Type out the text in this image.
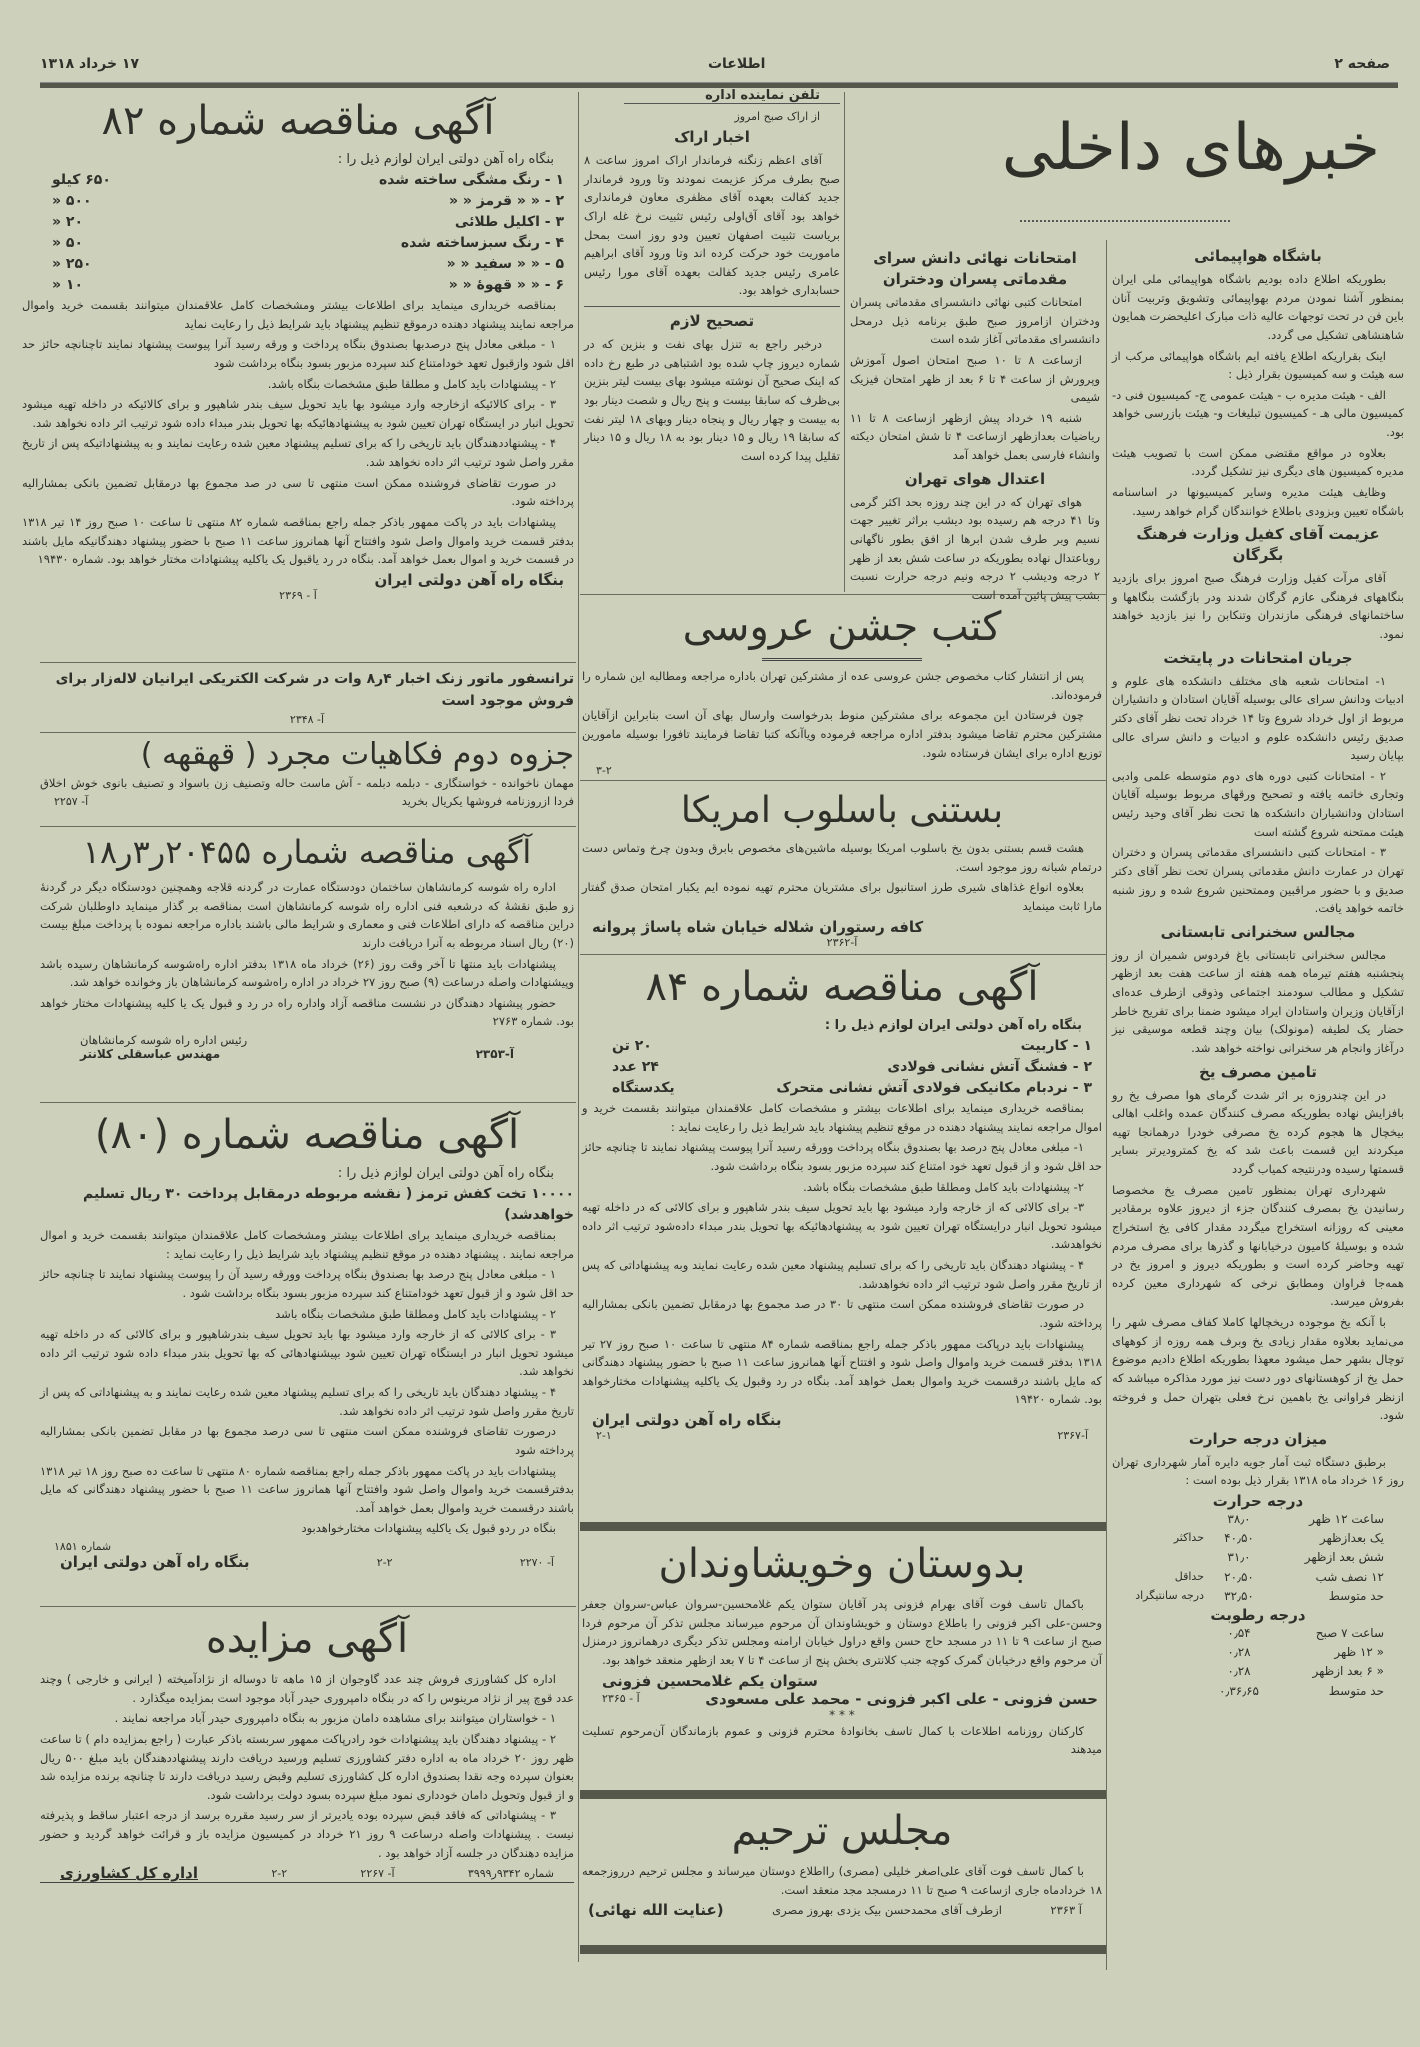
صفحه ۲
اطلاعات
۱۷ خرداد ۱۳۱۸
خبرهای داخلی
باشگاه هواپیمائی

بطوریکه اطلاع داده بودیم باشگاه هواپیمائی ملی ایران بمنظور آشنا نمودن مردم بهواپیمائی وتشویق وتربیت آنان باین فن در تحت توجهات عالیه ذات مبارک اعلیحضرت همایون شاهنشاهی تشکیل می گردد.

اینک بقراریکه اطلاع یافته ایم باشگاه هواپیمائی مرکب از سه هیئت و سه کمیسیون بقرار ذیل :

الف - هیئت مدیره ب - هیئت عمومی ج- کمیسیون فنی د- کمیسیون مالی هـ - کمیسیون تبلیغات و- هیئت بازرسی خواهد بود.

بعلاوه در مواقع مقتضی ممکن است با تصویب هیئت مدیره کمیسیون های دیگری نیز تشکیل گردد.

وظایف هیئت مدیره وسایر کمیسیونها در اساسنامه باشگاه تعیین وبزودی باطلاع خوانندگان گرام خواهد رسید.

عزیمت آقای کفیل وزارت فرهنگ بگرگان

آقای مرآت کفیل وزارت فرهنگ صبح امروز برای بازدید بنگاههای فرهنگی عازم گرگان شدند ودر بازگشت بنگاهها و ساختمانهای فرهنگی مازندران وتنکابن را نیز بازدید خواهند نمود.

جریان امتحانات در پایتخت

۱- امتحانات شعبه های مختلف دانشکده های علوم و ادبیات ودانش سرای عالی بوسیله آقایان استادان و دانشیاران مربوط از اول خرداد شروع وتا ۱۴ خرداد تحت نظر آقای دکتر صدیق رئیس دانشکده علوم و ادبیات و دانش سرای عالی بپایان رسید

۲ - امتحانات کتبی دوره های دوم متوسطه علمی وادبی وتجاری خاتمه یافته و تصحیح ورقهای مربوط بوسیله آقایان استادان ودانشیاران دانشکده ها تحت نظر آقای وحید رئیس هیئت ممتحنه شروع گشته است

۳ - امتحانات کتبی دانشسرای مقدماتی پسران و دختران تهران در عمارت دانش مقدماتی پسران تحت نظر آقای دکتر صدیق و با حضور مراقبین وممتحنین شروع شده و روز شنبه خاتمه خواهد یافت.

مجالس سخنرانی تابستانی

مجالس سخنرانی تابستانی باغ فردوس شمیران از روز پنجشنبه هفتم تیرماه همه هفته از ساعت هفت بعد ازظهر تشکیل و مطالب سودمند اجتماعی وذوقی ازطرف عده‌ای ازآقایان وزیران واستادان ایراد میشود ضمنا برای تفریح خاطر حضار یک لطیفه (مونولک) بیان وچند قطعه موسیقی نیز درآغاز وانجام هر سخنرانی نواخته خواهد شد.

تامین مصرف یخ

در این چندروزه بر اثر شدت گرمای هوا مصرف یخ رو بافزایش نهاده بطوریکه مصرف کنندگان عمده واغلب اهالی بیخچال ها هجوم کرده یخ مصرفی خودرا درهمانجا تهیه میکردند این قسمت باعث شد که یخ کمترودیرتر بسایر قسمتها رسیده ودرنتیجه کمیاب گردد

شهرداری تهران بمنظور تامین مصرف یخ مخصوصا رسانیدن یخ بمصرف کنندگان جزء از دیروز علاوه برمقادیر معینی که روزانه استخراج میگردد مقدار کافی یخ استخراج شده و بوسیلهٔ کامیون درخیابانها و گذرها برای مصرف مردم تهیه وحاضر کرده است و بطوریکه دیروز و امروز یخ در همه‌جا فراوان ومطابق نرخی که شهرداری معین کرده بفروش میرسد.

با آنکه یخ موجوده دریخچالها کاملا کفاف مصرف شهر را می‌نماید بعلاوه مقدار زیادی یخ وبرف همه روزه از کوههای توچال بشهر حمل میشود معهذا بطوریکه اطلاع دادیم موضوع حمل یخ از کوهستانهای دور دست نیز مورد مذاکره میباشد که ازنظر فراوانی یخ باهمین نرخ فعلی بتهران حمل و فروخته شود.

میزان درجه حرارت

برطبق دستگاه ثبت آمار جویه دایره آمار شهرداری تهران روز ۱۶ خرداد ماه ۱۳۱۸ بقرار ذیل بوده است :

درجه حرارت
ساعت ۱۲ ظهر
۳۸٫۰
یک بعدازظهر
۴۰٫۵۰
حداکثر
شش بعد ازظهر
۳۱٫۰
۱۲ نصف شب
۲۰٫۵۰
حداقل
حد متوسط
۳۲٫۵۰
درجه سانتیگراد
درجه رطوبت
ساعت ۷ صبح
۰٫۵۴
« ۱۲ ظهر
۰٫۲۸
« ۶ بعد ازظهر
۰٫۲۸
حد متوسط
۰٫۳۶٫۶۵
امتحانات نهائی دانش سرای مقدماتی پسران ودختران

امتحانات کتبی نهائی دانشسرای مقدماتی پسران ودختران ازامروز صبح طبق برنامه ذیل درمحل دانشسرای مقدماتی آغاز شده است

ازساعت ۸ تا ۱۰ صبح امتحان اصول آموزش وپرورش از ساعت ۴ تا ۶ بعد از ظهر امتحان فیزیک شیمی

شنبه ۱۹ خرداد پیش ازظهر ازساعت ۸ تا ۱۱ ریاضیات بعدازظهر ازساعت ۴ تا شش امتحان دیکته وانشاء فارسی بعمل خواهد آمد

اعتدال هوای تهران

هوای تهران که در این چند روزه بحد اکثر گرمی وتا ۴۱ درجه هم رسیده بود دیشب براثر تغییر جهت نسیم وبر طرف شدن ابرها از افق بطور ناگهانی روباعتدال نهاده بطوریکه در ساعت شش بعد از ظهر ۲ درجه ودیشب ۲ درجه ونیم درجه حرارت نسبت بشب پیش پائین آمده است

تلفن نماینده اداره
از اراک صبح امروز
اخبار اراک

آقای اعظم زنگنه فرماندار اراک امروز ساعت ۸ صبح بطرف مرکز عزیمت نمودند وتا ورود فرماندار جدید کفالت بعهده آقای مظفری معاون فرمانداری خواهد بود آقای آق‌اولی رئیس تثبیت نرخ غله اراک بریاست تثبیت اصفهان تعیین ودو روز است بمحل ماموریت خود حرکت کرده اند وتا ورود آقای ابراهیم عامری رئیس جدید کفالت بعهده آقای مورا رئیس حسابداری خواهد بود.

تصحیح لازم

درخبر راجع به تنزل بهای نفت و بنزین که در شماره دیروز چاپ شده بود اشتباهی در طبع رخ داده که اینک صحیح آن نوشته میشود بهای بیست لیتر بنزین بی‌ظرف که سابقا بیست و پنج ریال و شصت دینار بود به بیست و چهار ریال و پنجاه دینار وبهای ۱۸ لیتر نفت که سابقا ۱۹ ریال و ۱۵ دینار بود به ۱۸ ریال و ۱۵ دینار تقلیل پیدا کرده است

کتب جشن عروسی

پس از انتشار کتاب مخصوص جشن عروسی عده از مشترکین تهران باداره مراجعه ومطالبه این شماره را فرموده‌اند.

چون فرستادن این مجموعه برای مشترکین منوط بدرخواست وارسال بهای آن است بنابراین ازآقایان مشترکین محترم تقاضا میشود بدفتر اداره مراجعه فرموده ویاآنکه کتبا تقاضا فرمایند تافورا بوسیله مامورین توزیع اداره برای ایشان فرستاده شود.

۳-۲
بستنی باسلوب امریکا

هشت قسم بستنی بدون یخ باسلوب امریکا بوسیله ماشین‌های مخصوص بابرق وبدون چرخ وتماس دست درتمام شبانه روز موجود است.

بعلاوه انواع غذاهای شیری طرز استانبول برای مشتریان محترم تهیه نموده ایم یکبار امتحان صدق گفتار مارا ثابت مینماید

کافه رستوران شلاله خیابان شاه پاساژ پروانه
آ-۲۳۶۲
آگهی مناقصه شماره ۸۴
بنگاه راه آهن دولتی ایران لوازم ذیل را :
۱ - کاربیت
۲۰ تن
۲ - فشنگ آتش نشانی فولادی
۲۴ عدد
۳ - نردبام مکانیکی فولادی آتش نشانی متحرک
یکدستگاه

بمناقصه خریداری مینماید برای اطلاعات بیشتر و مشخصات کامل علاقمندان میتوانند بقسمت خرید و اموال مراجعه نمایند پیشنهاد دهنده در موقع تنظیم پیشنهاد باید شرایط ذیل را رعایت نماید :

۱- مبلغی معادل پنج درصد بها بصندوق بنگاه پرداخت وورقه رسید آنرا پیوست پیشنهاد نمایند تا چنانچه حائز حد اقل شود و از قبول تعهد خود امتناع کند سپرده مزبور بسود بنگاه برداشت شود.

۲- پیشنهادات باید کامل ومطلقا طبق مشخصات بنگاه باشد.

۳- برای کالائی که از خارجه وارد میشود بها باید تحویل سیف بندر شاهپور و برای کالائی که در داخله تهیه میشود تحویل انبار درایستگاه تهران تعیین شود به پیشنهادهائیکه بها تحویل بندر مبداء داده‌شود ترتیب اثر داده نخواهدشد.

۴ - پیشنهاد دهندگان باید تاریخی را که برای تسلیم پیشنهاد معین شده رعایت نمایند وبه پیشنهاداتی که پس از تاریخ مقرر واصل شود ترتیب اثر داده نخواهدشد.

در صورت تقاضای فروشنده ممکن است منتهی تا ۳۰ در صد مجموع بها درمقابل تضمین بانکی بمشارالیه پرداخته شود.

پیشنهادات باید درپاکت ممهور باذکر جمله راجع بمناقصه شماره ۸۴ منتهی تا ساعت ۱۰ صبح روز ۲۷ تیر ۱۳۱۸ بدفتر قسمت خرید واموال واصل شود و افتتاح آنها همانروز ساعت ۱۱ صبح با حضور پیشنهاد دهندگانی که مایل باشند درقسمت خرید واموال بعمل خواهد آمد. بنگاه در رد وقبول یک یاکلیه پیشنهادات مختارخواهد بود. شماره ۱۹۴۲۰

بنگاه راه آهن دولتی ایران
آ-۲۳۶۷
۲-۱
بدوستان وخویشاوندان

باکمال تاسف فوت آقای بهرام فزونی پدر آقایان ستوان یکم غلامحسین-سروان عباس-سروان جعفر وحسن-علی اکبر فزونی را باطلاع دوستان و خویشاوندان آن مرحوم میرساند مجلس تذکر آن مرحوم فردا صبح از ساعت ۹ تا ۱۱ در مسجد حاج حسن واقع دراول خیابان ارامنه ومجلس تذکر دیگری درهمانروز درمنزل آن مرحوم واقع درخیابان گمرک کوچه جنب کلانتری بخش پنج از ساعت ۴ تا ۷ بعد ازظهر منعقد خواهد بود.

ستوان یکم غلامحسین فزونی
حسن فزونی - علی اکبر فزونی - محمد علی مسعودی
آ - ۲۳۶۵
* * *

کارکنان روزنامه اطلاعات با کمال تاسف بخانوادهٔ محترم فزونی و عموم بازماندگان آن‌مرحوم تسلیت میدهند

مجلس ترحیم

با کمال تاسف فوت آقای علی‌اصغر خلیلی (مصری) رااطلاع دوستان میرساند و مجلس ترحیم درروزجمعه ۱۸ خردادماه جاری ازساعت ۹ صبح تا ۱۱ درمسجد مجد منعقد است.

آ ۲۳۶۳
ازطرف آقای محمدحسن بیک یزدی بهروز مصری
(عنایت الله نهائی)
آگهی مناقصه شماره ۸۲
بنگاه راه آهن دولتی ایران لوازم ذیل را :
۱ - رنگ مشگی ساخته شده
۶۵۰ کیلو
۲ - « « قرمز « «
۵۰۰ «
۳ - اکلیل طلائی
۲۰ «
۴ - رنگ سبزساخته شده
۵۰ «
۵ - « « سفید « «
۲۵۰ «
۶ - « « قهوهٔ « «
۱۰ «

بمناقصه خریداری مینماید برای اطلاعات بیشتر ومشخصات کامل علاقمندان میتوانند بقسمت خرید واموال مراجعه نمایند پیشنهاد دهنده درموقع تنظیم پیشنهاد باید شرایط ذیل را رعایت نماید

۱ - مبلغی معادل پنج درصدبها بصندوق بنگاه پرداخت و ورقه رسید آنرا پیوست پیشنهاد نمایند تاچنانچه حائز حد اقل شود وازقبول تعهد خودامتناع کند سپرده مزبور بسود بنگاه برداشت شود

۲ - پیشنهادات باید کامل و مطلقا طبق مشخصات بنگاه باشد.

۳ - برای کالائیکه ازخارجه وارد میشود بها باید تحویل سیف بندر شاهپور و برای کالائیکه در داخله تهیه میشود تحویل انبار در ایستگاه تهران تعیین شود به پیشنهادهائیکه بها تحویل بندر مبداء داده شود ترتیب اثر داده نخواهد شد.

۴ - پیشنهاددهندگان باید تاریخی را که برای تسلیم پیشنهاد معین شده رعایت نمایند و به پیشنهاداتیکه پس از تاریخ مقرر واصل شود ترتیب اثر داده نخواهد شد.

در صورت تقاضای فروشنده ممکن است منتهی تا سی در صد مجموع بها درمقابل تضمین بانکی بمشارالیه پرداخته شود.

پیشنهادات باید در پاکت ممهور باذکر جمله راجع بمناقصه شماره ۸۲ منتهی تا ساعت ۱۰ صبح روز ۱۴ تیر ۱۳۱۸ بدفتر قسمت خرید واموال واصل شود وافتتاح آنها همانروز ساعت ۱۱ صبح با حضور پیشنهاد دهندگانیکه مایل باشند در قسمت خرید و اموال بعمل خواهد آمد. بنگاه در رد یاقبول یک یاکلیه پیشنهادات مختار خواهد بود. شماره ۱۹۴۳۰

بنگاه راه آهن دولتی ایران
آ - ۲۳۶۹
ترانسفور ماتور زنک اخبار ۴ر۸ وات در شرکت الکتریکی ایرانیان لاله‌زار برای فروش موجود است
آ- ۲۳۴۸
جزوه دوم فکاهیات مجرد ( قهقهه )

مهمان ناخوانده - خواستگاری - دبلمه دبلمه - آش ماست حاله وتصنیف زن باسواد و تصنیف بانوی خوش اخلاق فردا ازروزنامه فروشها یکریال بخرید

آ- ۲۲۵۷
آگهی مناقصه شماره ۲۰۴۵۵ر۳ر۱۸

اداره راه شوسه کرمانشاهان ساختمان دودستگاه عمارت در گردنه قلاجه وهمچنین دودستگاه دیگر در گردنهٔ زو طبق نقشهٔ که درشعبه فنی اداره راه شوسه کرمانشاهان است بمناقصه بر گذار مینماید داوطلبان شرکت دراین مناقصه که دارای اطلاعات فنی و معماری و شرایط مالی باشند باداره مراجعه نموده با پرداخت مبلغ بیست (۲۰) ریال اسناد مربوطه به آنرا دریافت دارند

پیشنهادات باید منتها تا آخر وقت روز (۲۶) خرداد ماه ۱۳۱۸ بدفتر اداره راه‌شوسه کرمانشاهان رسیده باشد وپیشنهادات واصله درساعت (۹) صبح روز ۲۷ خرداد در اداره راه‌شوسه کرمانشاهان باز وخوانده خواهد شد.

حضور پیشنهاد دهندگان در نشست مناقصه آزاد واداره راه در رد و قبول یک یا کلیه پیشنهادات مختار خواهد بود. شماره ۲۷۶۳

رئیس اداره راه شوسه کرمانشاهان
آ-۲۳۵۳
مهندس عباسقلی کلانتر
آگهی مناقصه شماره (۸۰)
بنگاه راه آهن دولتی ایران لوازم ذیل را :
۱۰۰۰۰ تخت کفش ترمز ( نقشه مربوطه درمقابل پرداخت ۳۰ ریال تسلیم خواهدشد)

بمناقصه خریداری مینماید برای اطلاعات بیشتر ومشخصات کامل علاقمندان میتوانند بقسمت خرید و اموال مراجعه نمایند . پیشنهاد دهنده در موقع تنظیم پیشنهاد باید شرایط ذیل را رعایت نماید :

۱ - مبلغی معادل پنج درصد بها بصندوق بنگاه پرداخت وورقه رسید آن را پیوست پیشنهاد نمایند تا چنانچه حائز حد اقل شود و از قبول تعهد خودامتناع کند سپرده مزبور بسود بنگاه برداشت شود .

۲ - پیشنهادات باید کامل ومطلقا طبق مشخصات بنگاه باشد

۳ - برای کالائی که از خارجه وارد میشود بها باید تحویل سیف بندرشاهپور و برای کالائی که در داخله تهیه میشود تحویل انبار در ایستگاه تهران تعیین شود بپیشنهادهائی که بها تحویل بندر مبداء داده شود ترتیب اثر داده نخواهد شد.

۴ - پیشنهاد دهندگان باید تاریخی را که برای تسلیم پیشنهاد معین شده رعایت نمایند و به پیشنهاداتی که پس از تاریخ مقرر واصل شود ترتیب اثر داده نخواهد شد.

درصورت تقاضای فروشنده ممکن است منتهی تا سی درصد مجموع بها در مقابل تضمین بانکی بمشارالیه پرداخته شود

پیشنهادات باید در پاکت ممهور باذکر جمله راجع بمناقصه شماره ۸۰ منتهی تا ساعت ده صبح روز ۱۸ تیر ۱۳۱۸ بدفترقسمت خرید واموال واصل شود وافتتاح آنها همانروز ساعت ۱۱ صبح با حضور پیشنهاد دهندگانی که مایل باشند درقسمت خرید واموال بعمل خواهد آمد.

بنگاه در ردو قبول یک یاکلیه پیشنهادات مختارخواهدبود

شماره ۱۸۵۱
آ- ۲۲۷۰
۲-۲
بنگاه راه آهن دولتی ایران
آگهی مزایده

اداره کل کشاورزی فروش چند عدد گاوجوان از ۱۵ ماهه تا دوساله از نژادآمیخته ( ایرانی و خارجی ) وچند عدد قوچ پیر از نژاد مرینوس را که در بنگاه دامپروری حیدر آباد موجود است بمزایده میگذارد .

۱ - خواستاران میتوانند برای مشاهده دامان مزبور به بنگاه دامپروری حیدر آباد مراجعه نمایند .

۲ - پیشنهاد دهندگان باید پیشنهادات خود رادرپاکت ممهور سربسته باذکر عبارت ( راجع بمزایده دام ) تا ساعت ظهر روز ۲۰ خرداد ماه به اداره دفتر کشاورزی تسلیم ورسید دریافت دارند پیشنهاددهندگان باید مبلغ ۵۰۰ ریال بعنوان سپرده وجه نقدا بصندوق اداره کل کشاورزی تسلیم وقبض رسید دریافت دارند تا چنانچه برنده مزایده شد و از قبول وتحویل دامان خودداری نمود مبلغ سپرده بسود دولت برداشت شود.

۳ - پیشنهاداتی که فاقد قبض سپرده بوده یادیرتر از سر رسید مقرره برسد از درجه اعتبار ساقط و پذیرفته نیست . پیشنهادات واصله درساعت ۹ روز ۲۱ خرداد در کمیسیون مزایده باز و قرائت خواهد گردید و حضور مزایده دهندگان در جلسه آزاد خواهد بود .

شماره ۹۳۴۲ر۳۹۹۹
آ- ۲۲۶۷
۲-۲
اداره کل کشاورزی
